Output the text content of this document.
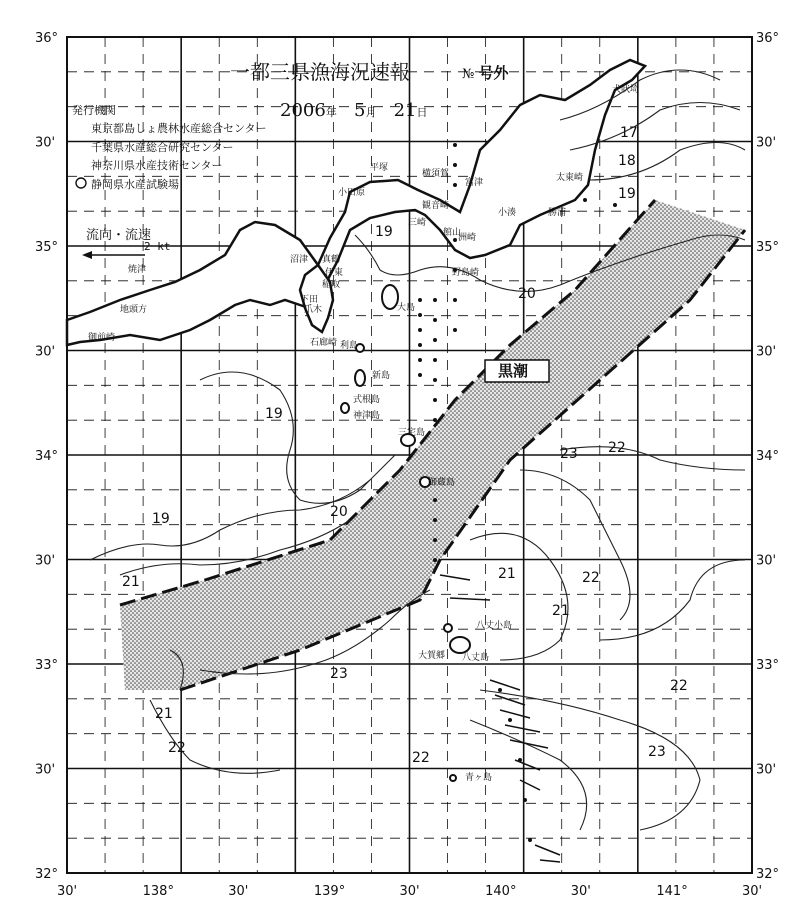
36°	36°
30'	30'
35°	35°
30'	30'
34°	34°
30'	30'
33°	33°
30'	30'
32°	32°
30'	138°	30'	139°	30'	140°	30'	141°	30'
17
18
19
19
20
19
20
19
21
23 22
21	22
21
23
22
21
22
22	23
犬吠埼
太東崎
勝浦
小湊
富津
観音崎
横須賀
平塚
小田原
真鶴
三崎
館山
洲崎
野島崎
沼津
伊東
稲取
下田
石廊崎
焼津
地頭方
御前崎
爪木
利島
新島
式根島
神津島
三宅島
御蔵島
八丈島
八丈小島
大賀郷
青ヶ島
大島
一都三県漁海況速報	№ 号外
2006年 5月 21日
発行機関
東京都島しょ農林水産総合センター
千葉県水産総合研究センター
神奈川県水産技術センター
静岡県水産試験場
流向・流速
2 kt
黒潮
